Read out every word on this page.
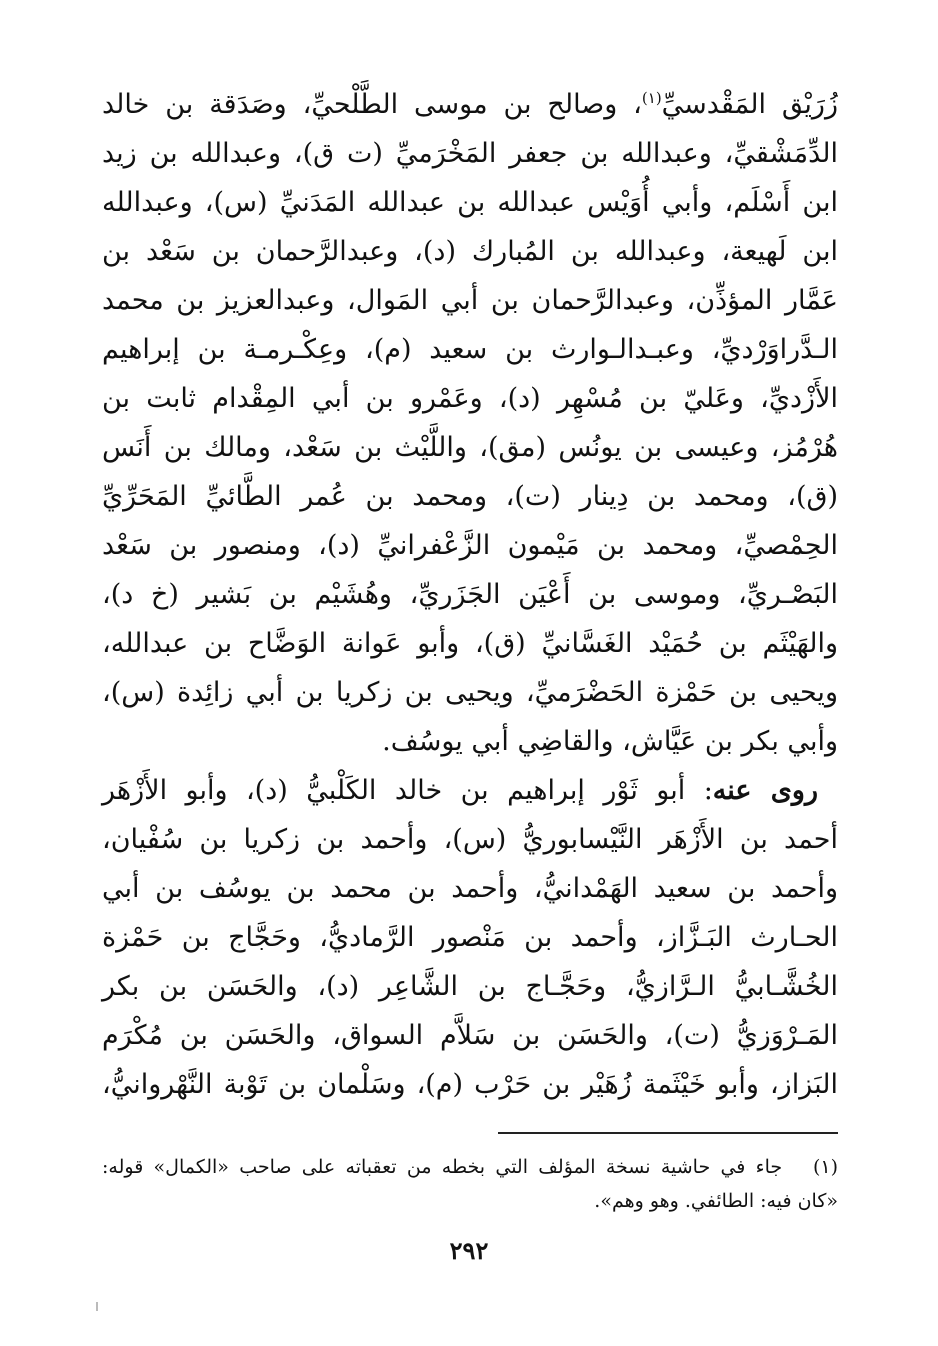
زُرَيْق المَقْدسيِّ$^{(١)}$، وصالح بن موسى الطَّلْحيِّ، وصَدَقة بن خالد
الدِّمَشْقيِّ، وعبدالله بن جعفر المَخْرَميِّ (ت ق)، وعبدالله بن زيد
ابن أَسْلَم، وأبي أُوَيْس عبدالله بن عبدالله المَدَنيِّ (س)، وعبدالله
ابن لَهيعة، وعبدالله بن المُبارك (د)، وعبدالرَّحمان بن سَعْد بن
عَمَّار المؤذِّن، وعبدالرَّحمان بن أبي المَوال، وعبدالعزيز بن محمد
الـدَّراوَرْديِّ، وعبـدالـوارث بن سعيد (م)، وعِكْـرمـة بن إبراهيم
الأَزْديِّ، وعَليّ بن مُسْهِر (د)، وعَمْرو بن أبي المِقْدام ثابت بن
هُرْمُز، وعيسى بن يونُس (مق)، واللَّيْث بن سَعْد، ومالك بن أَنَس
(ق)، ومحمد بن دِينار (ت)، ومحمد بن عُمر الطَّائيِّ المَحَرِّيِّ
الحِمْصيِّ، ومحمد بن مَيْمون الزَّعْفرانيِّ (د)، ومنصور بن سَعْد
البَصْـريِّ، وموسى بن أَعْيَن الجَزَريِّ، وهُشَيْم بن بَشير (خ د)،
والهَيْثَم بن حُمَيْد الغَسَّانيِّ (ق)، وأبو عَوانة الوَضَّاح بن عبدالله،
ويحيى بن حَمْزة الحَضْرَميِّ، ويحيى بن زكريا بن أبي زائِدة (س)،
وأبي بكر بن عَيَّاش، والقاضِي أبي يوسُف.
روى عنه: أبو ثَوْر إبراهيم بن خالد الكَلْبيُّ (د)، وأبو الأَزْهَر
أحمد بن الأَزْهَر النَّيْسابوريُّ (س)، وأحمد بن زكريا بن سُفْيان،
وأحمد بن سعيد الهَمْدانيُّ، وأحمد بن محمد بن يوسُف بن أبي
الحـارث البَـزَّاز، وأحمد بن مَنْصور الرَّماديُّ، وحَجَّاج بن حَمْزة
الخُشَّـابيُّ الـرَّازيُّ، وحَجَّـاج بن الشَّاعِر (د)، والحَسَن بن بكر
المَـرْوَزيُّ (ت)، والحَسَن بن سَلاَّم السواق، والحَسَن بن مُكْرَم
البَزاز، وأبو خَيْثَمة زُهَيْر بن حَرْب (م)، وسَلْمان بن تَوْبة النَّهْروانيُّ،
(١)   جاء في حاشية نسخة المؤلف التي بخطه من تعقباته على صاحب «الكمال» قوله:
«كان فيه: الطائفي. وهو وهم».
٢٩٢
